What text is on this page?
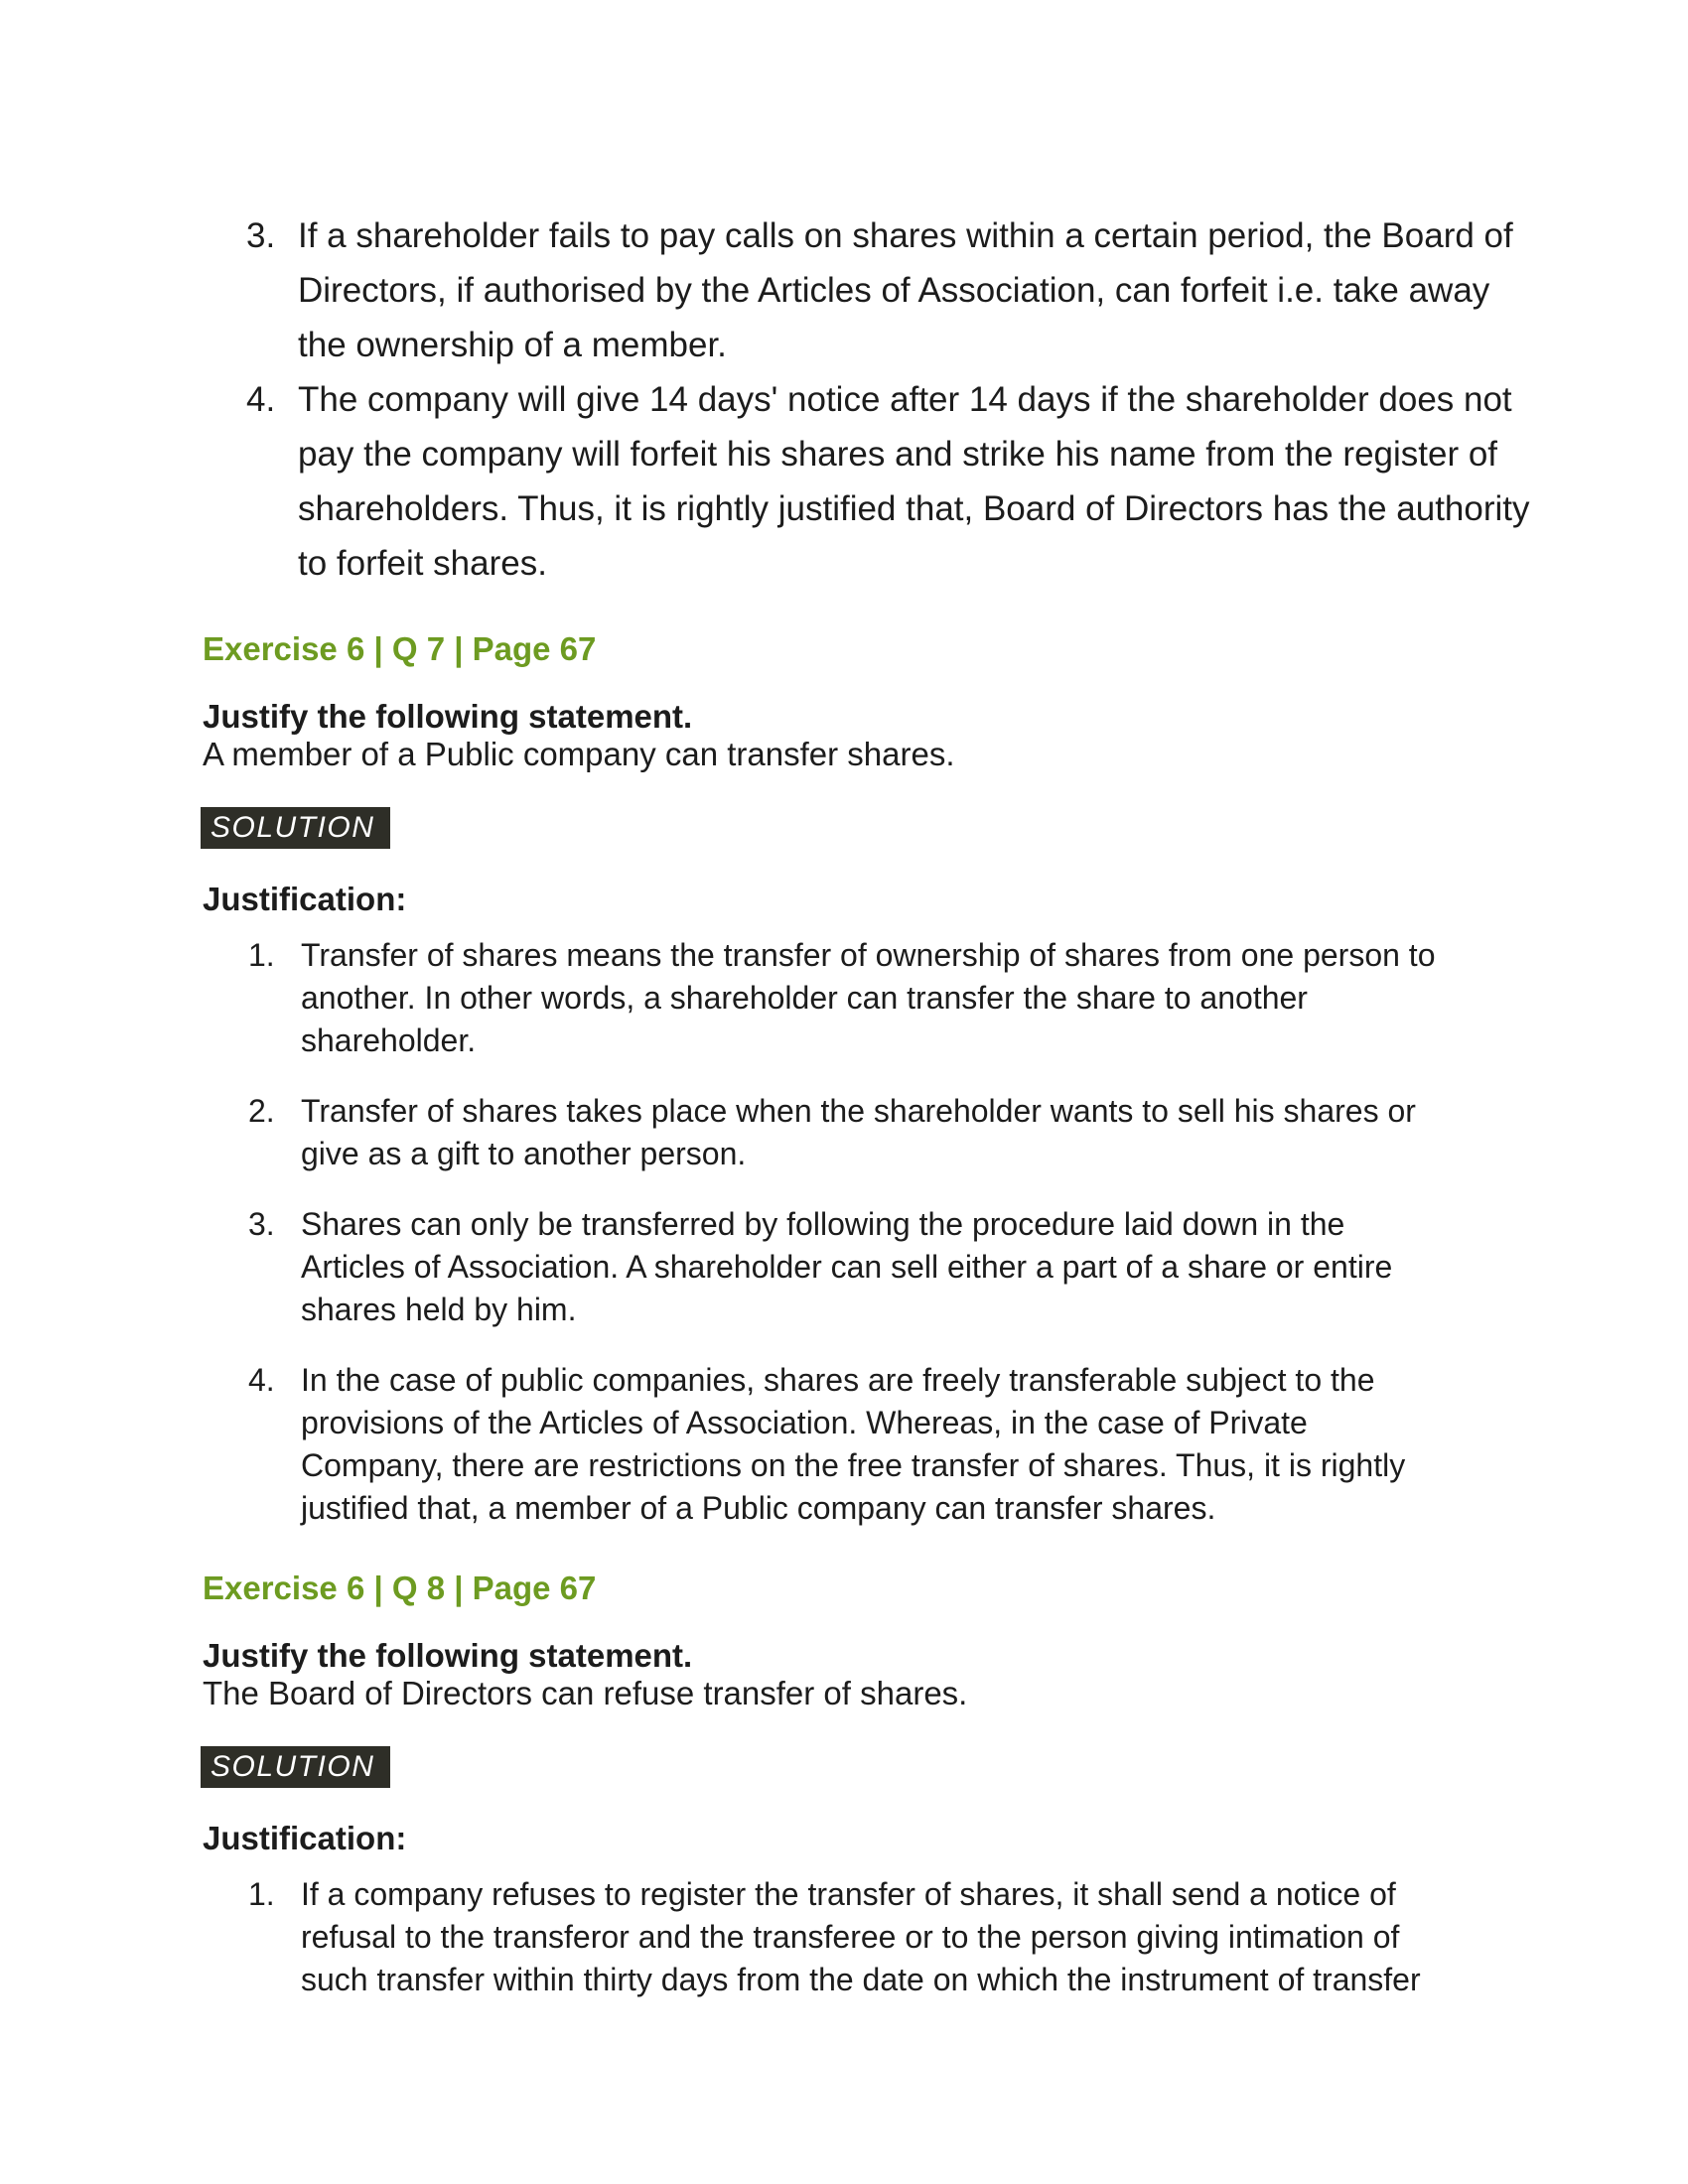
3. If a shareholder fails to pay calls on shares within a certain period, the Board of Directors, if authorised by the Articles of Association, can forfeit i.e. take away the ownership of a member.
4. The company will give 14 days' notice after 14 days if the shareholder does not pay the company will forfeit his shares and strike his name from the register of shareholders. Thus, it is rightly justified that, Board of Directors has the authority to forfeit shares.
Exercise 6 | Q 7 | Page 67

Justify the following statement.

A member of a Public company can transfer shares.

SOLUTION

Justification:

1. Transfer of shares means the transfer of ownership of shares from one person to another. In other words, a shareholder can transfer the share to another shareholder.
2. Transfer of shares takes place when the shareholder wants to sell his shares or give as a gift to another person.
3. Shares can only be transferred by following the procedure laid down in the Articles of Association. A shareholder can sell either a part of a share or entire shares held by him.
4. In the case of public companies, shares are freely transferable subject to the provisions of the Articles of Association. Whereas, in the case of Private Company, there are restrictions on the free transfer of shares. Thus, it is rightly justified that, a member of a Public company can transfer shares.
Exercise 6 | Q 8 | Page 67

Justify the following statement.

The Board of Directors can refuse transfer of shares.

SOLUTION

Justification:

1. If a company refuses to register the transfer of shares, it shall send a notice of refusal to the transferor and the transferee or to the person giving intimation of such transfer within thirty days from the date on which the instrument of transfer
